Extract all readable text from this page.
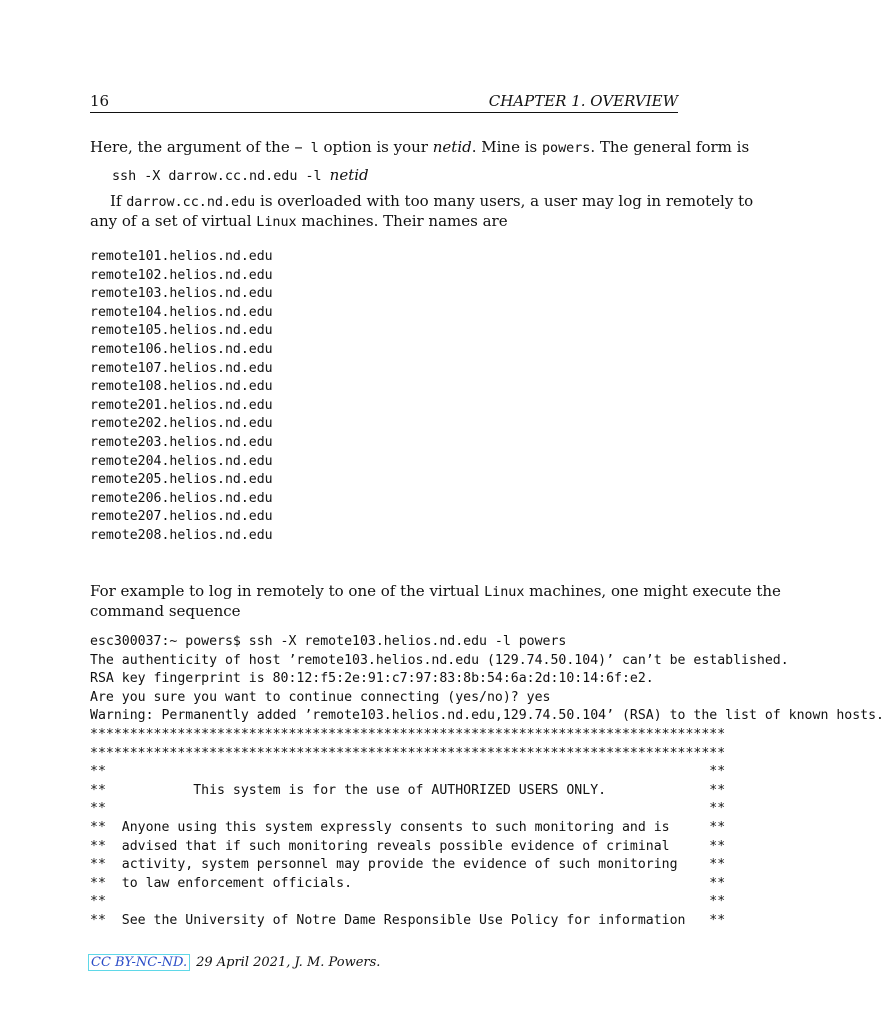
16	CHAPTER 1. OVERVIEW
Here, the argument of the − l option is your netid. Mine is powers. The general form is
ssh -X darrow.cc.nd.edu -l netid
If darrow.cc.nd.edu is overloaded with too many users, a user may log in remotely to
any of a set of virtual Linux machines. Their names are
remote101.helios.nd.edu
remote102.helios.nd.edu
remote103.helios.nd.edu
remote104.helios.nd.edu
remote105.helios.nd.edu
remote106.helios.nd.edu
remote107.helios.nd.edu
remote108.helios.nd.edu
remote201.helios.nd.edu
remote202.helios.nd.edu
remote203.helios.nd.edu
remote204.helios.nd.edu
remote205.helios.nd.edu
remote206.helios.nd.edu
remote207.helios.nd.edu
remote208.helios.nd.edu
For example to log in remotely to one of the virtual Linux machines, one might execute the
command sequence
esc300037:~ powers$ ssh -X remote103.helios.nd.edu -l powers
The authenticity of host ’remote103.helios.nd.edu (129.74.50.104)’ can’t be established.
RSA key fingerprint is 80:12:f5:2e:91:c7:97:83:8b:54:6a:2d:10:14:6f:e2.
Are you sure you want to continue connecting (yes/no)? yes
Warning: Permanently added ’remote103.helios.nd.edu,129.74.50.104’ (RSA) to the list of known hosts.
********************************************************************************
********************************************************************************
**                                                                            **
**           This system is for the use of AUTHORIZED USERS ONLY.             **
**                                                                            **
**  Anyone using this system expressly consents to such monitoring and is     **
**  advised that if such monitoring reveals possible evidence of criminal     **
**  activity, system personnel may provide the evidence of such monitoring    **
**  to law enforcement officials.                                             **
**                                                                            **
**  See the University of Notre Dame Responsible Use Policy for information   **
CC BY-NC-ND. 29 April 2021, J. M. Powers.
